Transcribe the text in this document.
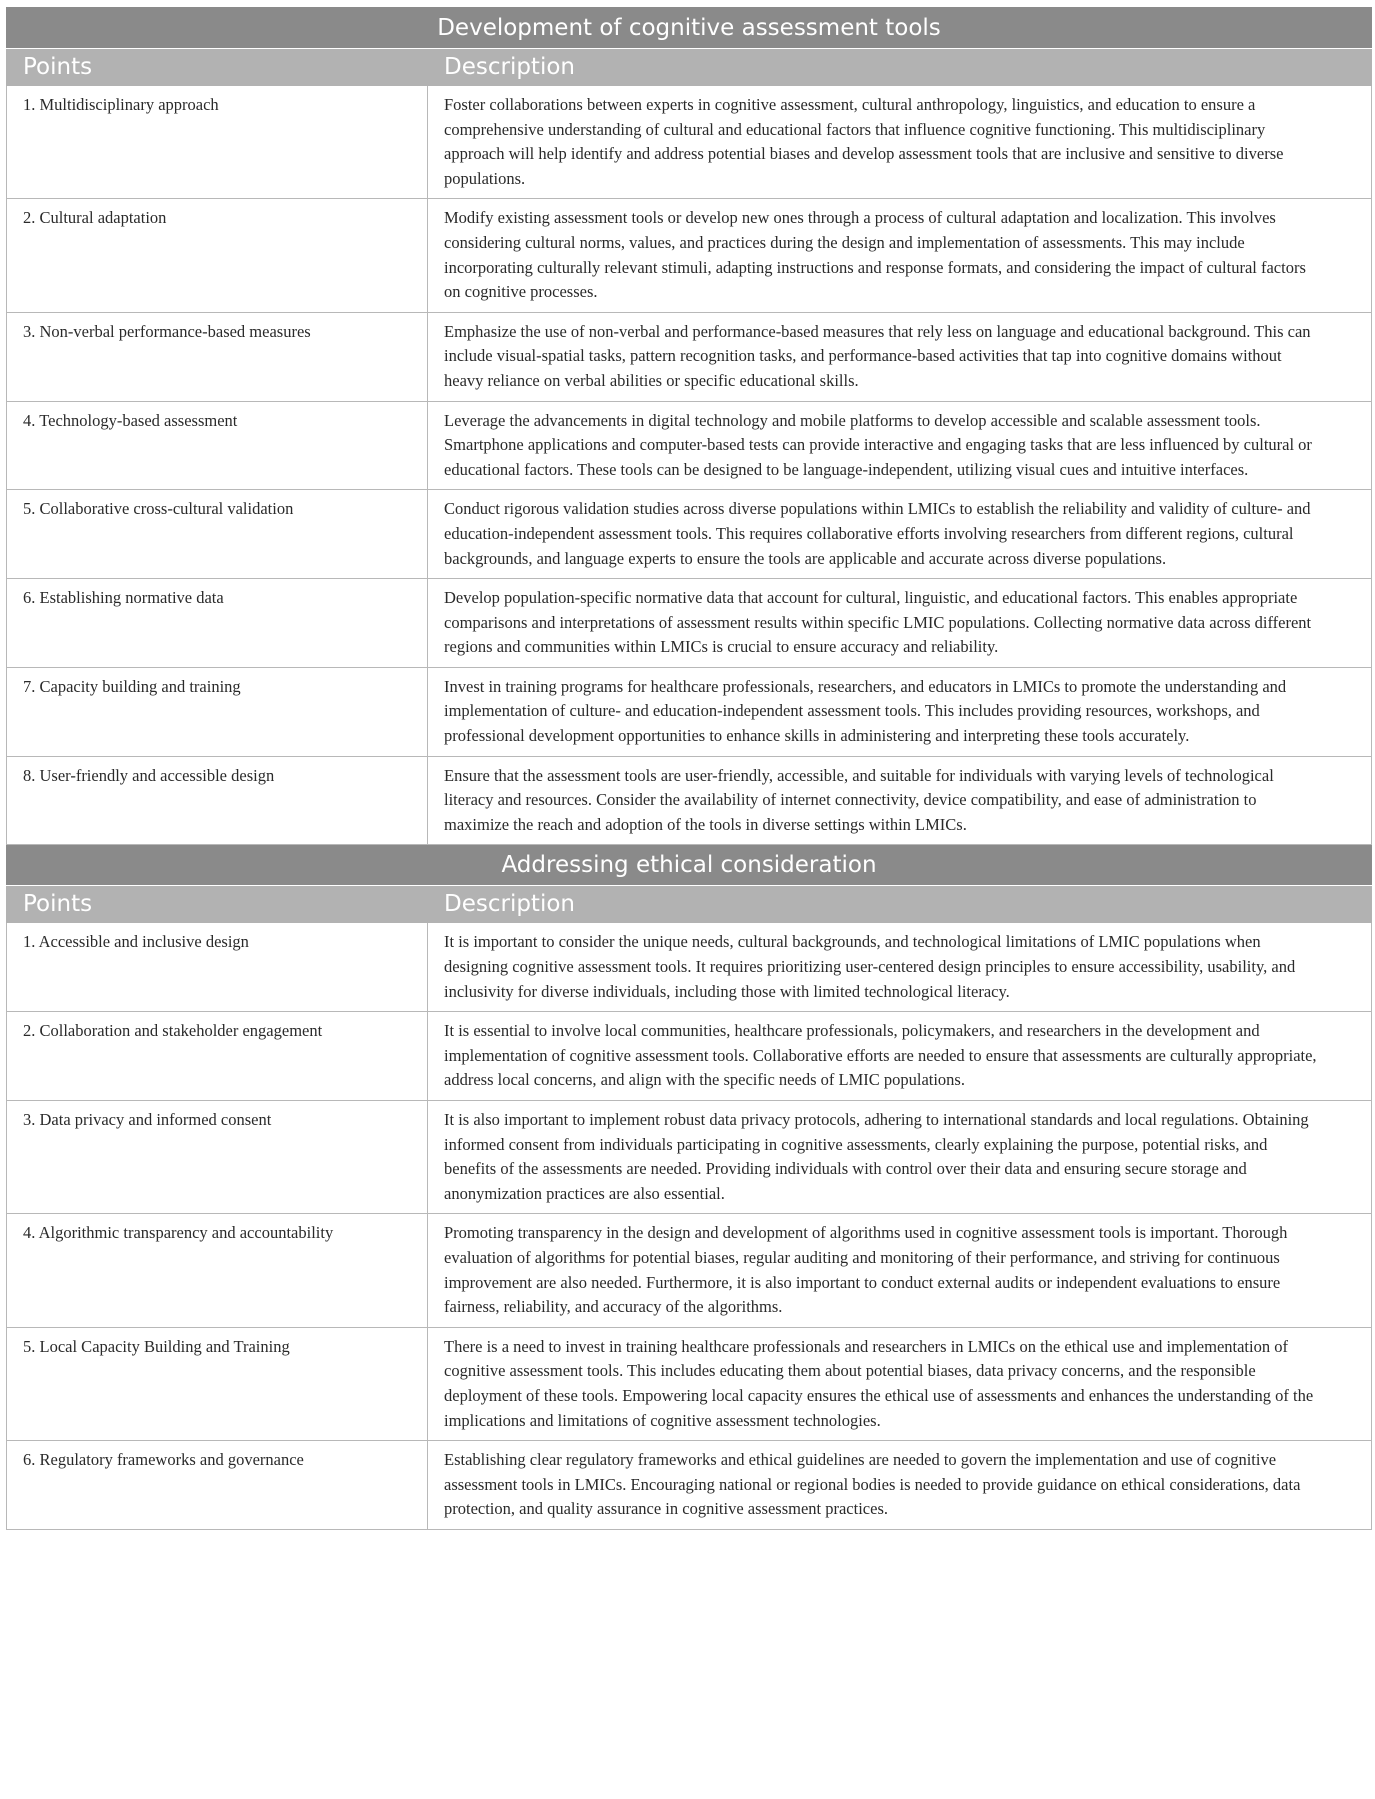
Development of cognitive assessment tools	
Points	Description
1. Multidisciplinary approach	Foster collaborations between experts in cognitive assessment, cultural anthropology, linguistics, and education to ensure a comprehensive understanding of cultural and educational factors that influence cognitive functioning. This multidisciplinary approach will help identify and address potential biases and develop assessment tools that are inclusive and sensitive to diverse populations.
2. Cultural adaptation	Modify existing assessment tools or develop new ones through a process of cultural adaptation and localization. This involves considering cultural norms, values, and practices during the design and implementation of assessments. This may include incorporating culturally relevant stimuli, adapting instructions and response formats, and considering the impact of cultural factors on cognitive processes.
3. Non-verbal performance-based measures	Emphasize the use of non-verbal and performance-based measures that rely less on language and educational background. This can include visual-spatial tasks, pattern recognition tasks, and performance-based activities that tap into cognitive domains without heavy reliance on verbal abilities or specific educational skills.
4. Technology-based assessment	Leverage the advancements in digital technology and mobile platforms to develop accessible and scalable assessment tools. Smartphone applications and computer-based tests can provide interactive and engaging tasks that are less influenced by cultural or educational factors. These tools can be designed to be language-independent, utilizing visual cues and intuitive interfaces.
5. Collaborative cross-cultural validation	Conduct rigorous validation studies across diverse populations within LMICs to establish the reliability and validity of culture- and education-independent assessment tools. This requires collaborative efforts involving researchers from different regions, cultural backgrounds, and language experts to ensure the tools are applicable and accurate across diverse populations.
6. Establishing normative data	Develop population-specific normative data that account for cultural, linguistic, and educational factors. This enables appropriate comparisons and interpretations of assessment results within specific LMIC populations. Collecting normative data across different regions and communities within LMICs is crucial to ensure accuracy and reliability.
7. Capacity building and training	Invest in training programs for healthcare professionals, researchers, and educators in LMICs to promote the understanding and implementation of culture- and education-independent assessment tools. This includes providing resources, workshops, and professional development opportunities to enhance skills in administering and interpreting these tools accurately.
8. User-friendly and accessible design	Ensure that the assessment tools are user-friendly, accessible, and suitable for individuals with varying levels of technological literacy and resources. Consider the availability of internet connectivity, device compatibility, and ease of administration to maximize the reach and adoption of the tools in diverse settings within LMICs.
Addressing ethical consideration	
Points	Description
1. Accessible and inclusive design	It is important to consider the unique needs, cultural backgrounds, and technological limitations of LMIC populations when designing cognitive assessment tools. It requires prioritizing user-centered design principles to ensure accessibility, usability, and inclusivity for diverse individuals, including those with limited technological literacy.
2. Collaboration and stakeholder engagement	It is essential to involve local communities, healthcare professionals, policymakers, and researchers in the development and implementation of cognitive assessment tools. Collaborative efforts are needed to ensure that assessments are culturally appropriate, address local concerns, and align with the specific needs of LMIC populations.
3. Data privacy and informed consent	It is also important to implement robust data privacy protocols, adhering to international standards and local regulations. Obtaining informed consent from individuals participating in cognitive assessments, clearly explaining the purpose, potential risks, and benefits of the assessments are needed. Providing individuals with control over their data and ensuring secure storage and anonymization practices are also essential.
4. Algorithmic transparency and accountability	Promoting transparency in the design and development of algorithms used in cognitive assessment tools is important. Thorough evaluation of algorithms for potential biases, regular auditing and monitoring of their performance, and striving for continuous improvement are also needed. Furthermore, it is also important to conduct external audits or independent evaluations to ensure fairness, reliability, and accuracy of the algorithms.
5. Local Capacity Building and Training	There is a need to invest in training healthcare professionals and researchers in LMICs on the ethical use and implementation of cognitive assessment tools. This includes educating them about potential biases, data privacy concerns, and the responsible deployment of these tools. Empowering local capacity ensures the ethical use of assessments and enhances the understanding of the implications and limitations of cognitive assessment technologies.
6. Regulatory frameworks and governance	Establishing clear regulatory frameworks and ethical guidelines are needed to govern the implementation and use of cognitive assessment tools in LMICs. Encouraging national or regional bodies is needed to provide guidance on ethical considerations, data protection, and quality assurance in cognitive assessment practices.
